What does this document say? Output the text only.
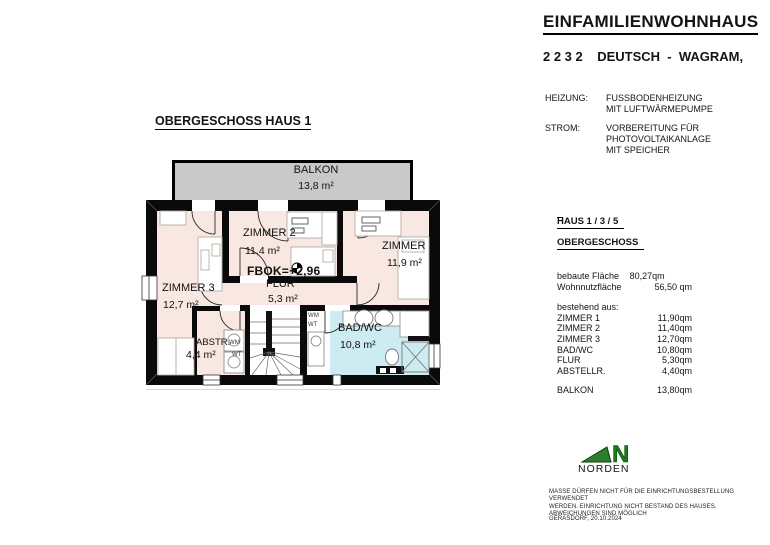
OBERGESCHOSS HAUS 1
BALKON
13,8 m²
ZIMMER 2
11,4 m²	ZIMMER
11,9 m²
ZIMMER 3
12,7 m²
FBOK=+2,96
FLUR
5,3 m²
ABSTR.
4,4 m²
BAD/WC
10,8 m²
WM
WT
WM
WT
EINFAMILIENWOHNHAUS
2 2 3 2    DEUTSCH  -  WAGRAM,
HEIZUNG: FUSSBODENHEIZUNG
MIT LUFTWÄRMEPUMPE
STROM:	VORBEREITUNG FÜR
PHOTOVOLTAIKANLAGE
MIT SPEICHER
HAUS 1 / 3 / 5
OBERGESCHOSS
bebaute Fläche 80,27qm
Wohnnutzfläche	56,50 qm
bestehend aus:
ZIMMER 1	11,90qm
ZIMMER 2	11,40qm
ZIMMER 3	12,70qm
BAD/WC	10,80qm
FLUR	5,30qm
ABSTELLR.	4,40qm
BALKON	13,80qm
N
NORDEN
MASSE DÜRFEN NICHT FÜR DIE EINRICHTUNGSBESTELLUNG VERWENDET
WERDEN. EINRICHTUNG NICHT BESTAND DES HAUSES.
ABWEICHUNGEN SIND MÖGLICH
GERASDORF, 20.10.2024
